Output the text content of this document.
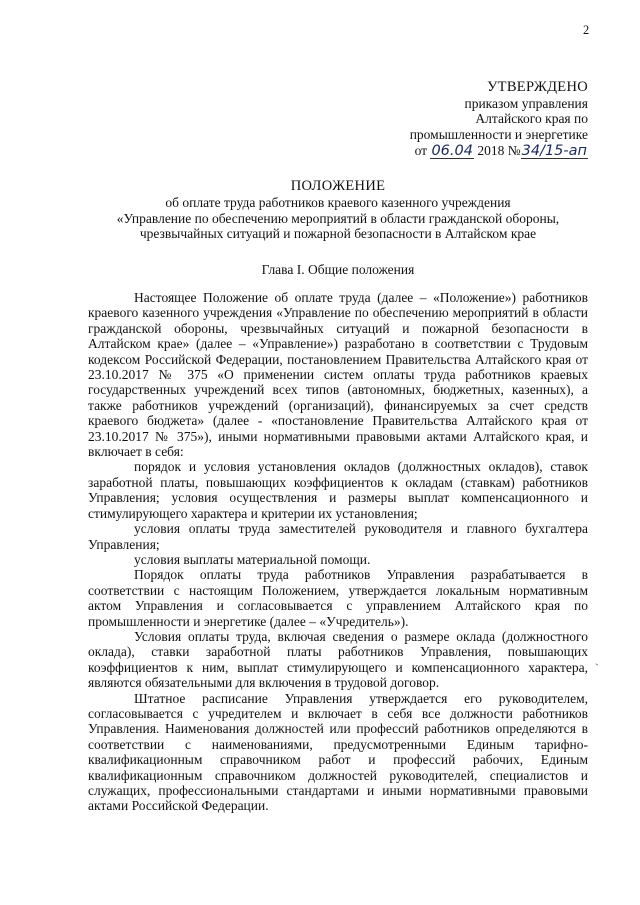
2
УТВЕРЖДЕНО
приказом управления
Алтайского края по
промышленности и энергетике
от 06.04 2018 №34/15-ап
ПОЛОЖЕНИЕ
об оплате труда работников краевого казенного учреждения
«Управление по обеспечению мероприятий в области гражданской обороны,
чрезвычайных ситуаций и пожарной безопасности в Алтайском крае
Глава I. Общие положения

Настоящее Положение об оплате труда (далее – «Положение») работников краевого казенного учреждения «Управление по обеспечению мероприятий в области гражданской обороны, чрезвычайных ситуаций и пожарной безопасности в Алтайском крае» (далее – «Управление») разработано в соответствии с Трудовым кодексом Российской Федерации, постановлением Правительства Алтайского края от 23.10.2017 № 375 «О применении систем оплаты труда работников краевых государственных учреждений всех типов (автономных, бюджетных, казенных), а также работников учреждений (организаций), финансируемых за счет средств краевого бюджета» (далее - «постановление Правительства Алтайского края от 23.10.2017 № 375»), иными нормативными правовыми актами Алтайского края, и включает в себя:

порядок и условия установления окладов (должностных окладов), ставок заработной платы, повышающих коэффициентов к окладам (ставкам) работников Управления; условия осуществления и размеры выплат компенсационного и стимулирующего характера и критерии их установления;

условия оплаты труда заместителей руководителя и главного бухгалтера Управления;

условия выплаты материальной помощи.

Порядок оплаты труда работников Управления разрабатывается в соответствии с настоящим Положением, утверждается локальным нормативным актом Управления и согласовывается с управлением Алтайского края по промышленности и энергетике (далее – «Учредитель»).

Условия оплаты труда, включая сведения о размере оклада (должностного оклада), ставки заработной платы работников Управления, повышающих коэффициентов к ним, выплат стимулирующего и компенсационного характера, являются обязательными для включения в трудовой договор.

Штатное расписание Управления утверждается его руководителем, согласовывается с учредителем и включает в себя все должности работников Управления. Наименования должностей или профессий работников определяются в соответствии с наименованиями, предусмотренными Единым тарифно-квалификационным справочником работ и профессий рабочих, Единым квалификационным справочником должностей руководителей, специалистов и служащих, профессиональными стандартами и иными нормативными правовыми актами Российской Федерации.

`
